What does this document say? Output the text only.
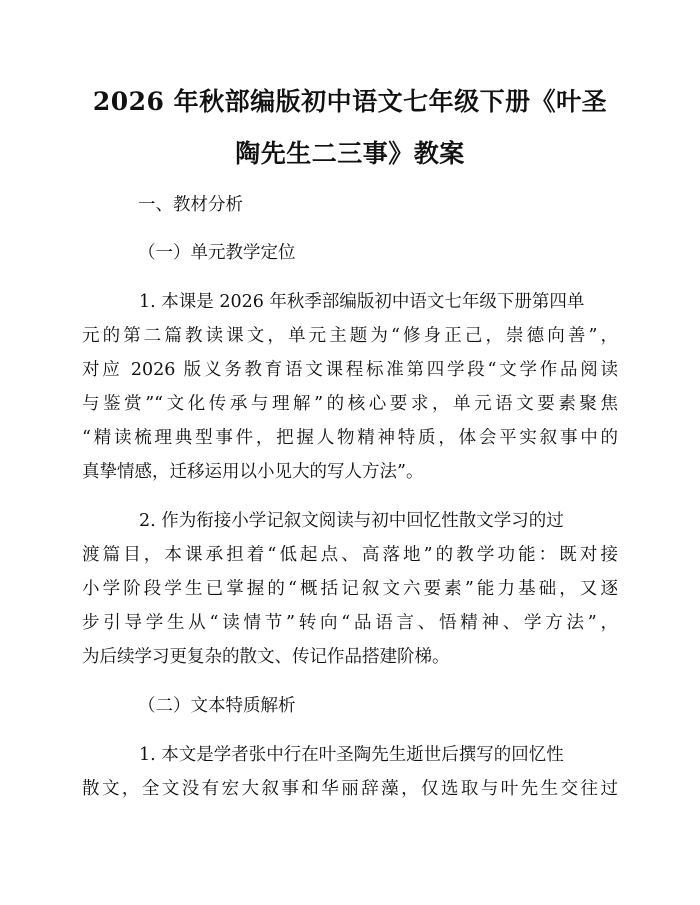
2026 年秋部编版初中语文七年级下册《叶圣
陶先生二三事》教案
一、教材分析
（一）单元教学定位
1. 本课是 2026 年秋季部编版初中语文七年级下册第四单
元的第二篇教读课文，单元主题为“修身正己，崇德向善”，
对应 2026 版义务教育语文课程标准第四学段“文学作品阅读
与鉴赏”“文化传承与理解”的核心要求，单元语文要素聚焦
“精读梳理典型事件，把握人物精神特质，体会平实叙事中的
真挚情感，迁移运用以小见大的写人方法”。
2. 作为衔接小学记叙文阅读与初中回忆性散文学习的过
渡篇目，本课承担着“低起点、高落地”的教学功能：既对接
小学阶段学生已掌握的“概括记叙文六要素”能力基础，又逐
步引导学生从“读情节”转向“品语言、悟精神、学方法”，
为后续学习更复杂的散文、传记作品搭建阶梯。
（二）文本特质解析
1. 本文是学者张中行在叶圣陶先生逝世后撰写的回忆性
散文，全文没有宏大叙事和华丽辞藻，仅选取与叶先生交往过
